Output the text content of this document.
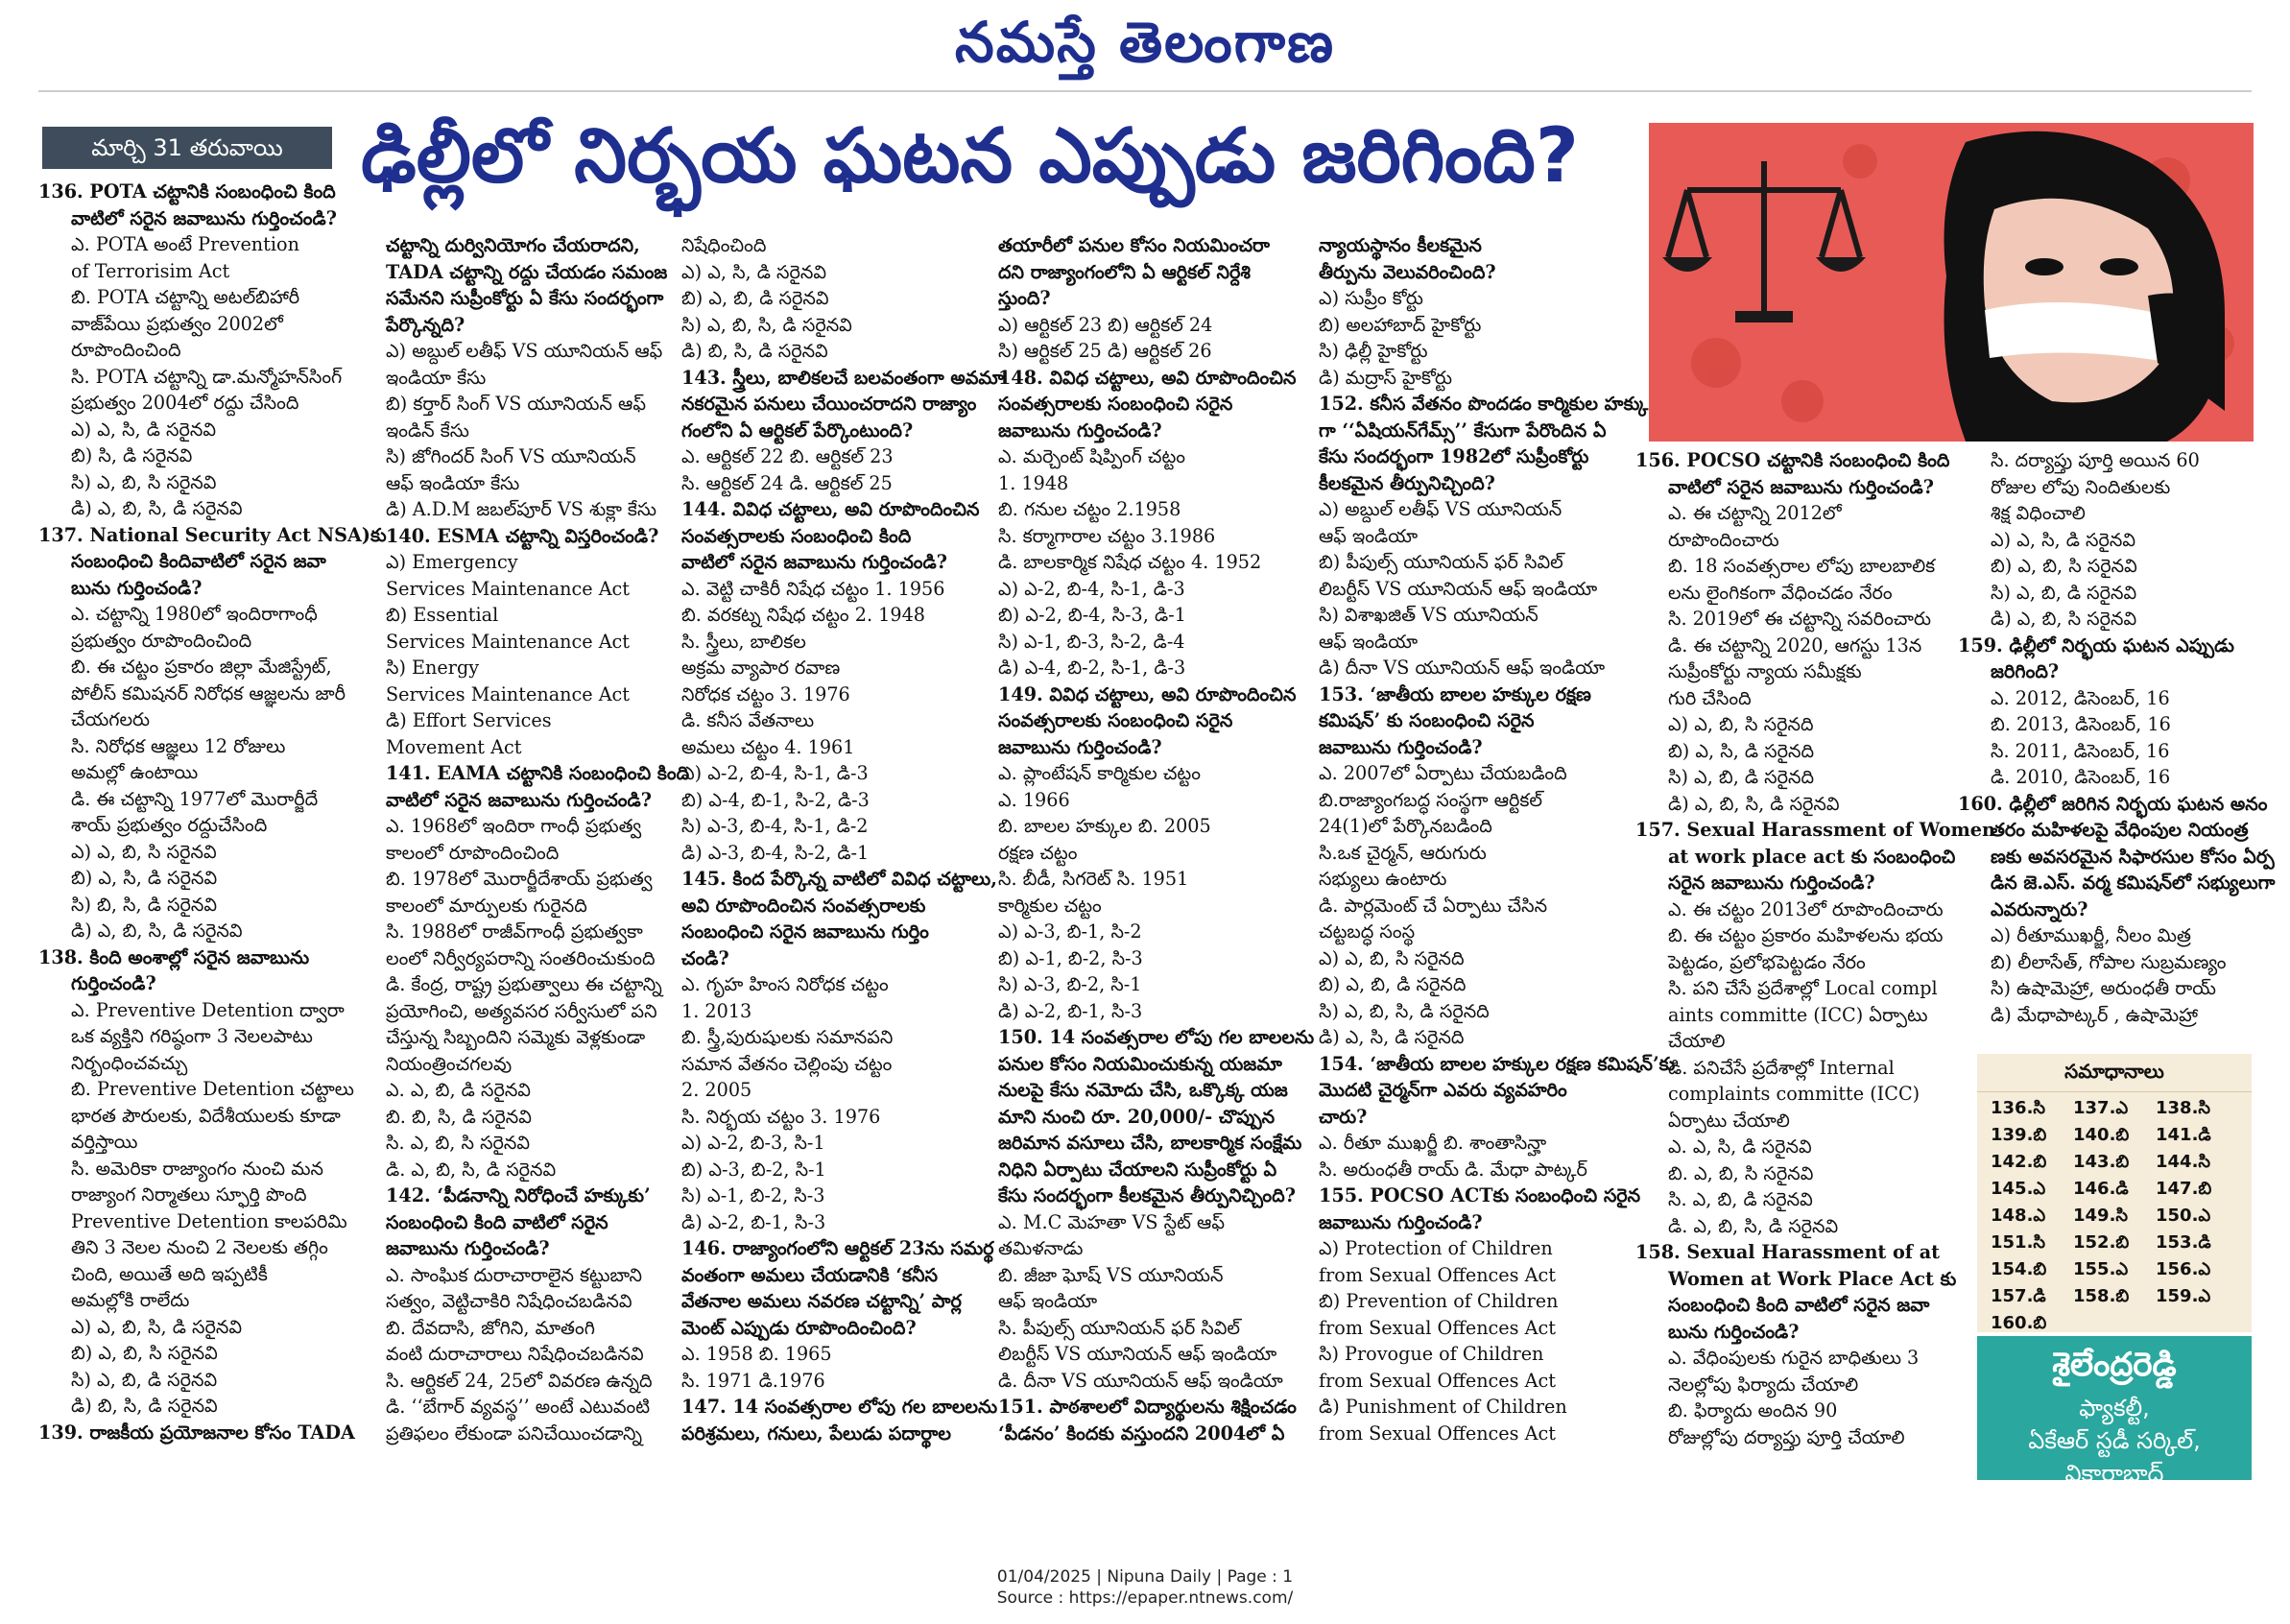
నమస్తే తెలంగాణ
మార్చి 31 తరువాయి	ఢిల్లీలో నిర్భయ ఘటన ఎప్పుడు జరిగింది?
136. POTA చట్టానికి సంబంధించి కింది
వాటిలో సరైన జవాబును గుర్తించండి?
ఎ. POTA అంటే Prevention
of Terrorisim Act
బి. POTA చట్టాన్ని అటల్‌బిహారీ
వాజ్‌పేయి ప్రభుత్వం 2002లో
రూపొందించింది
సి. POTA చట్టాన్ని డా.మన్మోహన్‌సింగ్
ప్రభుత్వం 2004లో రద్దు చేసింది
ఎ) ఎ, సి, డి సరైనవి
బి) సి, డి సరైనవి
సి) ఎ, బి, సి సరైనవి
డి) ఎ, బి, సి, డి సరైనవి
137. National Security Act NSA)కు
సంబంధించి కిందివాటిలో సరైన జవా
బును గుర్తించండి?
ఎ. చట్టాన్ని 1980లో ఇందిరాగాంధీ
ప్రభుత్వం రూపొందించింది
బి. ఈ చట్టం ప్రకారం జిల్లా మేజిస్ట్రేట్,
పోలీస్ కమిషనర్ నిరోధక ఆజ్ఞలను జారీ
చేయగలరు
సి. నిరోధక ఆజ్ఞలు 12 రోజులు
అమల్లో ఉంటాయి
డి. ఈ చట్టాన్ని 1977లో మొరార్జీదే
శాయ్ ప్రభుత్వం రద్దుచేసింది
ఎ) ఎ, బి, సి సరైనవి
బి) ఎ, సి, డి సరైనవి
సి) బి, సి, డి సరైనవి
డి) ఎ, బి, సి, డి సరైనవి
138. కింది అంశాల్లో సరైన జవాబును
గుర్తించండి?
ఎ. Preventive Detention ద్వారా
ఒక వ్యక్తిని గరిష్ఠంగా 3 నెలలపాటు
నిర్బంధించవచ్చు
బి. Preventive Detention చట్టాలు
భారత పౌరులకు, విదేశీయులకు కూడా
వర్తిస్తాయి
సి. అమెరికా రాజ్యాంగం నుంచి మన
రాజ్యాంగ నిర్మాతలు స్ఫూర్తి పొంది
Preventive Detention కాలపరిమి
తిని 3 నెలల నుంచి 2 నెలలకు తగ్గిం
చింది, అయితే అది ఇప్పటికీ
అమల్లోకి రాలేదు
ఎ) ఎ, బి, సి, డి సరైనవి
బి) ఎ, బి, సి సరైనవి
సి) ఎ, బి, డి సరైనవి
డి) బి, సి, డి సరైనవి
139. రాజకీయ ప్రయోజనాల కోసం TADA
చట్టాన్ని దుర్వినియోగం చేయరాదని,
TADA చట్టాన్ని రద్దు చేయడం సమంజ
సమేనని సుప్రీంకోర్టు ఏ కేసు సందర్భంగా
పేర్కొన్నది?
ఎ) అబ్దుల్ లతీఫ్ VS యూనియన్ ఆఫ్
ఇండియా కేసు
బి) కర్తార్ సింగ్ VS యూనియన్ ఆఫ్
ఇండిన్ కేసు
సి) జోగిందర్ సింగ్ VS యూనియన్
ఆఫ్ ఇండియా కేసు
డి) A.D.M జబల్‌పూర్ VS శుక్లా కేసు
140. ESMA చట్టాన్ని విస్తరించండి?
ఎ) Emergency
Services Maintenance Act
బి) Essential
Services Maintenance Act
సి) Energy
Services Maintenance Act
డి) Effort Services
Movement Act
141. EAMA చట్టానికి సంబంధించి కింది
వాటిలో సరైన జవాబును గుర్తించండి?
ఎ. 1968లో ఇందిరా గాంధీ ప్రభుత్వ
కాలంలో రూపొందించింది
బి. 1978లో మొరార్జీదేశాయ్ ప్రభుత్వ
కాలంలో మార్పులకు గురైనది
సి. 1988లో రాజీవ్‌గాంధీ ప్రభుత్వకా
లంలో నిర్వీర్యపరాన్ని సంతరించుకుంది
డి. కేంద్ర, రాష్ట్ర ప్రభుత్వాలు ఈ చట్టాన్ని
ప్రయోగించి, అత్యవసర సర్వీసులో పని
చేస్తున్న సిబ్బందిని సమ్మెకు వెళ్లకుండా
నియంత్రించగలవు
ఎ. ఎ, బి, డి సరైనవి
బి. బి, సి, డి సరైనవి
సి. ఎ, బి, సి సరైనవి
డి. ఎ, బి, సి, డి సరైనవి
142. ‘పీడనాన్ని నిరోధించే హక్కుకు’
సంబంధించి కింది వాటిలో సరైన
జవాబును గుర్తించండి?
ఎ. సాంఘిక దురాచారాలైన కట్టుబాని
సత్వం, వెట్టిచాకిరి నిషేధించబడినవి
బి. దేవదాసి, జోగిని, మాతంగి
వంటి దురాచారాలు నిషేధించబడినవి
సి. ఆర్టికల్ 24, 25లో వివరణ ఉన్నది
డి. ‘‘బేగార్ వ్యవస్థ’’ అంటే ఎటువంటి
ప్రతిఫలం లేకుండా పనిచేయించడాన్ని
నిషేధించింది
ఎ) ఎ, సి, డి సరైనవి
బి) ఎ, బి, డి సరైనవి
సి) ఎ, బి, సి, డి సరైనవి
డి) బి, సి, డి సరైనవి
143. స్త్రీలు, బాలికలచే బలవంతంగా అవమా
నకరమైన పనులు చేయించరాదని రాజ్యాం
గంలోని ఏ ఆర్టికల్ పేర్కొంటుంది?
ఎ. ఆర్టికల్ 22 బి. ఆర్టికల్ 23
సి. ఆర్టికల్ 24 డి. ఆర్టికల్ 25
144. వివిధ చట్టాలు, అవి రూపొందించిన
సంవత్సరాలకు సంబంధించి కింది
వాటిలో సరైన జవాబును గుర్తించండి?
ఎ. వెట్టి చాకిరీ నిషేధ చట్టం 1. 1956
బి. వరకట్న నిషేధ చట్టం 2. 1948
సి. స్త్రీలు, బాలికల
అక్రమ వ్యాపార రవాణ
నిరోధక చట్టం 3. 1976
డి. కనీస వేతనాలు
అమలు చట్టం 4. 1961
ఎ) ఎ-2, బి-4, సి-1, డి-3
బి) ఎ-4, బి-1, సి-2, డి-3
సి) ఎ-3, బి-4, సి-1, డి-2
డి) ఎ-3, బి-4, సి-2, డి-1
145. కింద పేర్కొన్న వాటిలో వివిధ చట్టాలు,
అవి రూపొందించిన సంవత్సరాలకు
సంబంధించి సరైన జవాబును గుర్తిం
చండి?
ఎ. గృహ హింస నిరోధక చట్టం
1. 2013
బి. స్త్రీ,పురుషులకు సమానపని
సమాన వేతనం చెల్లింపు చట్టం
2. 2005
సి. నిర్భయ చట్టం 3. 1976
ఎ) ఎ-2, బి-3, సి-1
బి) ఎ-3, బి-2, సి-1
సి) ఎ-1, బి-2, సి-3
డి) ఎ-2, బి-1, సి-3
146. రాజ్యాంగంలోని ఆర్టికల్ 23ను సమర్థ
వంతంగా అమలు చేయడానికి ‘కనీస
వేతనాల అమలు నవరణ చట్టాన్ని’ పార్ల
మెంట్ ఎప్పుడు రూపొందించింది?
ఎ. 1958 బి. 1965
సి. 1971 డి.1976
147. 14 సంవత్సరాల లోపు గల బాలలను
పరిశ్రమలు, గనులు, పేలుడు పదార్థాల
తయారీలో పనుల కోసం నియమించరా
దని రాజ్యాంగంలోని ఏ ఆర్టికల్ నిర్దేశి
స్తుంది?
ఎ) ఆర్టికల్ 23 బి) ఆర్టికల్ 24
సి) ఆర్టికల్ 25 డి) ఆర్టికల్ 26
148. వివిధ చట్టాలు, అవి రూపొందించిన
సంవత్సరాలకు సంబంధించి సరైన
జవాబును గుర్తించండి?
ఎ. మర్చెంట్ షిప్పింగ్ చట్టం
1. 1948
బి. గనుల చట్టం 2.1958
సి. కర్మాగారాల చట్టం 3.1986
డి. బాలకార్మిక నిషేధ చట్టం 4. 1952
ఎ) ఎ-2, బి-4, సి-1, డి-3
బి) ఎ-2, బి-4, సి-3, డి-1
సి) ఎ-1, బి-3, సి-2, డి-4
డి) ఎ-4, బి-2, సి-1, డి-3
149. వివిధ చట్టాలు, అవి రూపొందించిన
సంవత్సరాలకు సంబంధించి సరైన
జవాబును గుర్తించండి?
ఎ. ప్లాంటేషన్ కార్మికుల చట్టం
ఎ. 1966
బి. బాలల హక్కుల బి. 2005
రక్షణ చట్టం
సి. బీడీ, సిగరెట్ సి. 1951
కార్మికుల చట్టం
ఎ) ఎ-3, బి-1, సి-2
బి) ఎ-1, బి-2, సి-3
సి) ఎ-3, బి-2, సి-1
డి) ఎ-2, బి-1, సి-3
150. 14 సంవత్సరాల లోపు గల బాలలను
పనుల కోసం నియమించుకున్న యజమా
నులపై కేసు నమోదు చేసి, ఒక్కొక్క యజ
మాని నుంచి రూ. 20,000/- చొప్పున
జరిమాన వసూలు చేసి, బాలకార్మిక సంక్షేమ
నిధిని ఏర్పాటు చేయాలని సుప్రీంకోర్టు ఏ
కేసు సందర్భంగా కీలకమైన తీర్పునిచ్చింది?
ఎ. M.C మెహతా VS స్టేట్ ఆఫ్
తమిళనాడు
బి. జీజా ఘోష్ VS యూనియన్
ఆఫ్ ఇండియా
సి. పీపుల్స్ యూనియన్ ఫర్ సివిల్
లిబర్టీస్ VS యూనియన్ ఆఫ్ ఇండియా
డి. దీనా VS యూనియన్ ఆఫ్ ఇండియా
151. పాఠశాలలో విద్యార్థులను శిక్షించడం
‘పీడనం’ కిందకు వస్తుందని 2004లో ఏ
న్యాయస్థానం కీలకమైన
తీర్పును వెలువరించింది?
ఎ) సుప్రీం కోర్టు
బి) అలహాబాద్ హైకోర్టు
సి) ఢిల్లీ హైకోర్టు
డి) మద్రాస్ హైకోర్టు
152. కనీస వేతనం పొందడం కార్మికుల హక్కు
గా ‘‘ఏషియన్‌గేమ్స్’’ కేసుగా పేరొందిన ఏ
కేసు సందర్భంగా 1982లో సుప్రీంకోర్టు
కీలకమైన తీర్పునిచ్చింది?
ఎ) అబ్దుల్ లతీఫ్ VS యూనియన్
ఆఫ్ ఇండియా
బి) పీపుల్స్ యూనియన్ ఫర్ సివిల్
లిబర్టీస్ VS యూనియన్ ఆఫ్ ఇండియా
సి) విశాఖజిత్ VS యూనియన్
ఆఫ్ ఇండియా
డి) దీనా VS యూనియన్ ఆఫ్ ఇండియా
153. ‘జాతీయ బాలల హక్కుల రక్షణ
కమిషన్’ కు సంబంధించి సరైన
జవాబును గుర్తించండి?
ఎ. 2007లో ఏర్పాటు చేయబడింది
బి.రాజ్యాంగబద్ధ సంస్థగా ఆర్టికల్
24(1)లో పేర్కొనబడింది
సి.ఒక చైర్మన్, ఆరుగురు
సభ్యులు ఉంటారు
డి. పార్లమెంట్ చే ఏర్పాటు చేసిన
చట్టబద్ధ సంస్థ
ఎ) ఎ, బి, సి సరైనది
బి) ఎ, బి, డి సరైనది
సి) ఎ, బి, సి, డి సరైనది
డి) ఎ, సి, డి సరైనది
154. ‘జాతీయ బాలల హక్కుల రక్షణ కమిషన్’కు
మొదటి చైర్మన్‌గా ఎవరు వ్యవహరిం
చారు?
ఎ. రీతూ ముఖర్జీ బి. శాంతాసిన్హా
సి. అరుంధతీ రాయ్ డి. మేధా పాట్కర్
155. POCSO ACTకు సంబంధించి సరైన
జవాబును గుర్తించండి?
ఎ) Protection of Children
from Sexual Offences Act
బి) Prevention of Children
from Sexual Offences Act
సి) Provogue of Children
from Sexual Offences Act
డి) Punishment of Children
from Sexual Offences Act
156. POCSO చట్టానికి సంబంధించి కింది
వాటిలో సరైన జవాబును గుర్తించండి?
ఎ. ఈ చట్టాన్ని 2012లో
రూపొందించారు
బి. 18 సంవత్సరాల లోపు బాలబాలిక
లను లైంగికంగా వేధించడం నేరం
సి. 2019లో ఈ చట్టాన్ని సవరించారు
డి. ఈ చట్టాన్ని 2020, ఆగస్టు 13న
సుప్రీంకోర్టు న్యాయ సమీక్షకు
గురి చేసింది
ఎ) ఎ, బి, సి సరైనది
బి) ఎ, సి, డి సరైనది
సి) ఎ, బి, డి సరైనది
డి) ఎ, బి, సి, డి సరైనవి
157. Sexual Harassment of Women
at work place act కు సంబంధించి
సరైన జవాబును గుర్తించండి?
ఎ. ఈ చట్టం 2013లో రూపొందించారు
బి. ఈ చట్టం ప్రకారం మహిళలను భయ
పెట్టడం, ప్రలోభపెట్టడం నేరం
సి. పని చేసే ప్రదేశాల్లో Local compl
aints committe (ICC) ఏర్పాటు
చేయాలి
డి. పనిచేసే ప్రదేశాల్లో Internal
complaints committe (ICC)
ఏర్పాటు చేయాలి
ఎ. ఎ, సి, డి సరైనవి
బి. ఎ, బి, సి సరైనవి
సి. ఎ, బి, డి సరైనవి
డి. ఎ, బి, సి, డి సరైనవి
158. Sexual Harassment of at
Women at Work Place Act కు
సంబంధించి కింది వాటిలో సరైన జవా
బును గుర్తించండి?
ఎ. వేధింపులకు గురైన బాధితులు 3
నెలల్లోపు ఫిర్యాదు చేయాలి
బి. ఫిర్యాదు అందిన 90
రోజుల్లోపు దర్యాప్తు పూర్తి చేయాలి
సి. దర్యాప్తు పూర్తి అయిన 60
రోజుల లోపు నిందితులకు
శిక్ష విధించాలి
ఎ) ఎ, సి, డి సరైనవి
బి) ఎ, బి, సి సరైనవి
సి) ఎ, బి, డి సరైనవి
డి) ఎ, బి, సి సరైనవి
159. ఢిల్లీలో నిర్భయ ఘటన ఎప్పుడు
జరిగింది?
ఎ. 2012, డిసెంబర్, 16
బి. 2013, డిసెంబర్, 16
సి. 2011, డిసెంబర్, 16
డి. 2010, డిసెంబర్, 16
160. ఢిల్లీలో జరిగిన నిర్భయ ఘటన అనం
తరం మహిళలపై వేధింపుల నియంత్ర
ణకు అవసరమైన సిఫారసుల కోసం ఏర్ప
డిన జె.ఎస్. వర్మ కమిషన్‌లో సభ్యులుగా
ఎవరున్నారు?
ఎ) రీతూముఖర్జీ, నీలం మిత్ర
బి) లీలాసేత్, గోపాల సుబ్రమణ్యం
సి) ఉషామెహ్రా, అరుంధతీ రాయ్
డి) మేధాపాట్కర్ , ఉషామెహ్రా
సమాధానాలు
136.సి	137.ఎ	138.సి
139.బి	140.బి	141.డి
142.బి	143.బి	144.సి
145.ఎ	146.డి	147.బి
148.ఎ	149.సి	150.ఎ
151.సి	152.బి	153.డి
154.బి	155.ఎ	156.ఎ
157.డి	158.బి	159.ఎ
160.బి
శైలేంద్రరెడ్డి
ఫ్యాకల్టీ,
ఏకేఆర్ స్టడీ సర్కిల్, వికారాబాద్
01/04/2025 | Nipuna Daily | Page : 1
Source : https://epaper.ntnews.com/
